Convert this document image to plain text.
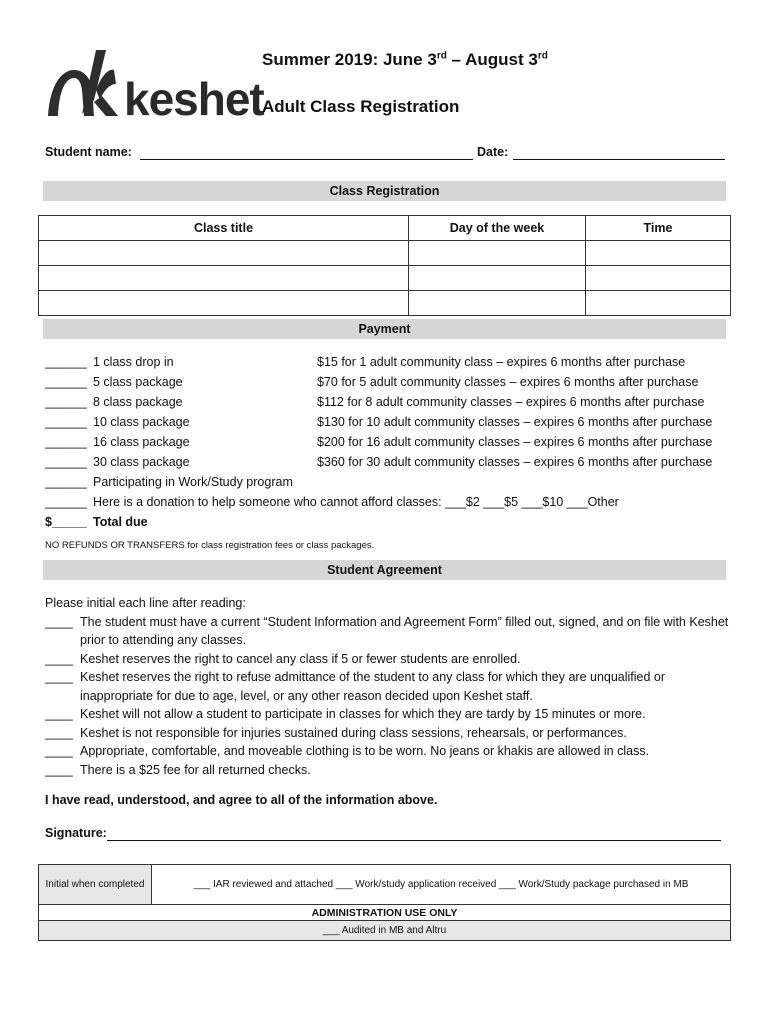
keshet
Summer 2019: June 3rd – August 3rd
Adult Class Registration
Student name:	Date:
Class Registration
Class title	Day of the week	Time

Payment
______ 1 class drop in	$15 for 1 adult community class – expires 6 months after purchase
______ 5 class package	$70 for 5 adult community classes – expires 6 months after purchase
______ 8 class package	$112 for 8 adult community classes – expires 6 months after purchase
______ 10 class package	$130 for 10 adult community classes – expires 6 months after purchase
______ 16 class package	$200 for 16 adult community classes – expires 6 months after purchase
______ 30 class package	$360 for 30 adult community classes – expires 6 months after purchase
______ Participating in Work/Study program
______ Here is a donation to help someone who cannot afford classes: ___$2 ___$5 ___$10 ___Other
$_____ Total due
NO REFUNDS OR TRANSFERS for class registration fees or class packages.
Student Agreement
Please initial each line after reading:
____ The student must have a current “Student Information and Agreement Form” filled out, signed, and on file with Keshet prior to attending any classes.
____ Keshet reserves the right to cancel any class if 5 or fewer students are enrolled.
____ Keshet reserves the right to refuse admittance of the student to any class for which they are unqualified or inappropriate for due to age, level, or any other reason decided upon Keshet staff.
____ Keshet will not allow a student to participate in classes for which they are tardy by 15 minutes or more.
____ Keshet is not responsible for injuries sustained during class sessions, rehearsals, or performances.
____ Appropriate, comfortable, and moveable clothing is to be worn. No jeans or khakis are allowed in class.
____ There is a $25 fee for all returned checks.
I have read, understood, and agree to all of the information above.
Signature:
Initial when completed	___ IAR reviewed and attached ___ Work/study application received ___ Work/Study package purchased in MB
ADMINISTRATION USE ONLY
___ Audited in MB and Altru
